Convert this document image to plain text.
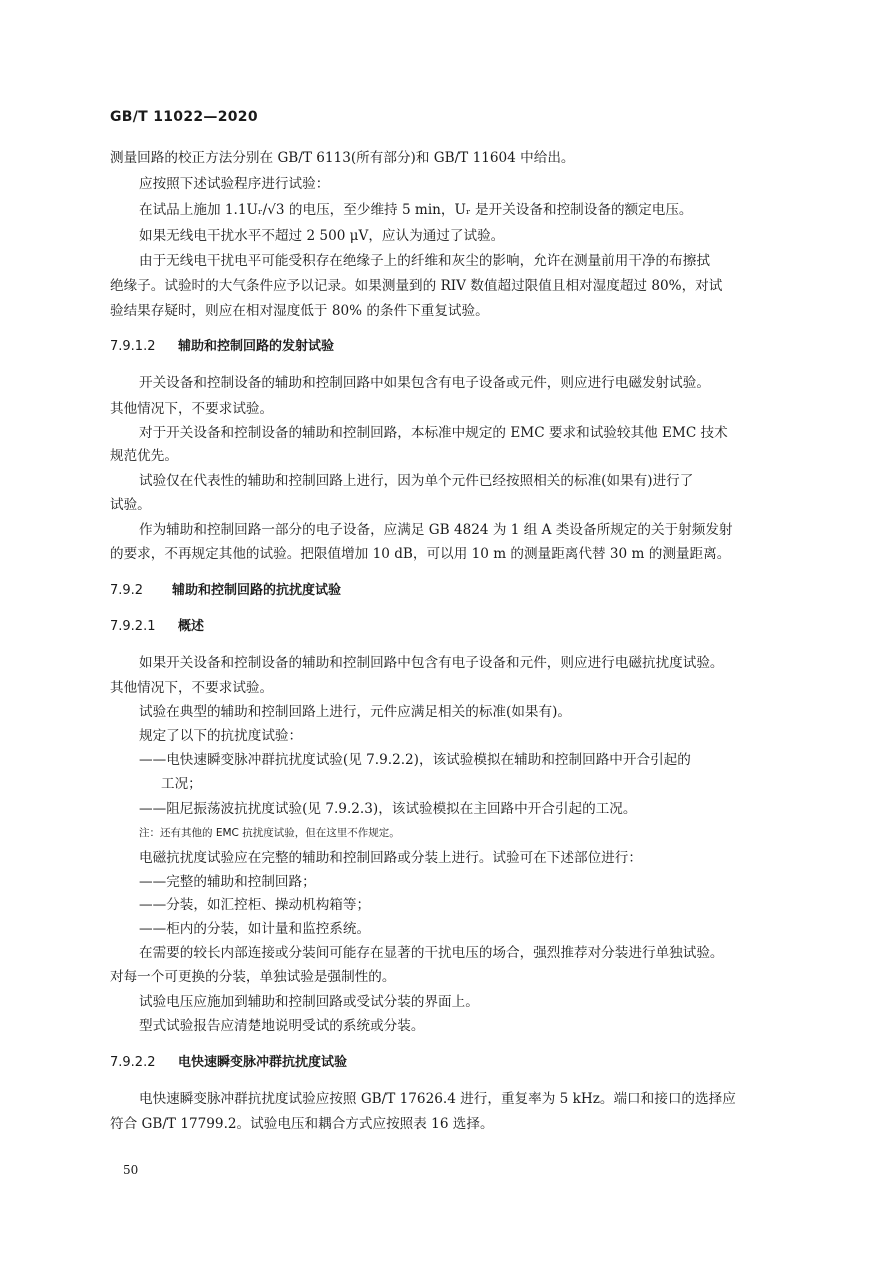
GB/T 11022—2020
测量回路的校正方法分别在 GB/T 6113(所有部分)和 GB/T 11604 中给出。
应按照下述试验程序进行试验：
在试品上施加 1.1Uᵣ/√3 的电压，至少维持 5 min，Uᵣ 是开关设备和控制设备的额定电压。
如果无线电干扰水平不超过 2 500 μV，应认为通过了试验。
由于无线电干扰电平可能受积存在绝缘子上的纤维和灰尘的影响，允许在测量前用干净的布擦拭
绝缘子。试验时的大气条件应予以记录。如果测量到的 RIV 数值超过限值且相对湿度超过 80%，对试
验结果存疑时，则应在相对湿度低于 80% 的条件下重复试验。
7.9.1.2 辅助和控制回路的发射试验
开关设备和控制设备的辅助和控制回路中如果包含有电子设备或元件，则应进行电磁发射试验。
其他情况下，不要求试验。
对于开关设备和控制设备的辅助和控制回路，本标准中规定的 EMC 要求和试验较其他 EMC 技术
规范优先。
试验仅在代表性的辅助和控制回路上进行，因为单个元件已经按照相关的标准(如果有)进行了
试验。
作为辅助和控制回路一部分的电子设备，应满足 GB 4824 为 1 组 A 类设备所规定的关于射频发射
的要求，不再规定其他的试验。把限值增加 10 dB，可以用 10 m 的测量距离代替 30 m 的测量距离。
7.9.2 辅助和控制回路的抗扰度试验
7.9.2.1 概述
如果开关设备和控制设备的辅助和控制回路中包含有电子设备和元件，则应进行电磁抗扰度试验。
其他情况下，不要求试验。
试验在典型的辅助和控制回路上进行，元件应满足相关的标准(如果有)。
规定了以下的抗扰度试验：
——电快速瞬变脉冲群抗扰度试验(见 7.9.2.2)，该试验模拟在辅助和控制回路中开合引起的
工况；
——阻尼振荡波抗扰度试验(见 7.9.2.3)，该试验模拟在主回路中开合引起的工况。
注：还有其他的 EMC 抗扰度试验，但在这里不作规定。
电磁抗扰度试验应在完整的辅助和控制回路或分装上进行。试验可在下述部位进行：
——完整的辅助和控制回路；
——分装，如汇控柜、操动机构箱等；
——柜内的分装，如计量和监控系统。
在需要的较长内部连接或分装间可能存在显著的干扰电压的场合，强烈推荐对分装进行单独试验。
对每一个可更换的分装，单独试验是强制性的。
试验电压应施加到辅助和控制回路或受试分装的界面上。
型式试验报告应清楚地说明受试的系统或分装。
7.9.2.2 电快速瞬变脉冲群抗扰度试验
电快速瞬变脉冲群抗扰度试验应按照 GB/T 17626.4 进行，重复率为 5 kHz。端口和接口的选择应
符合 GB/T 17799.2。试验电压和耦合方式应按照表 16 选择。
50
